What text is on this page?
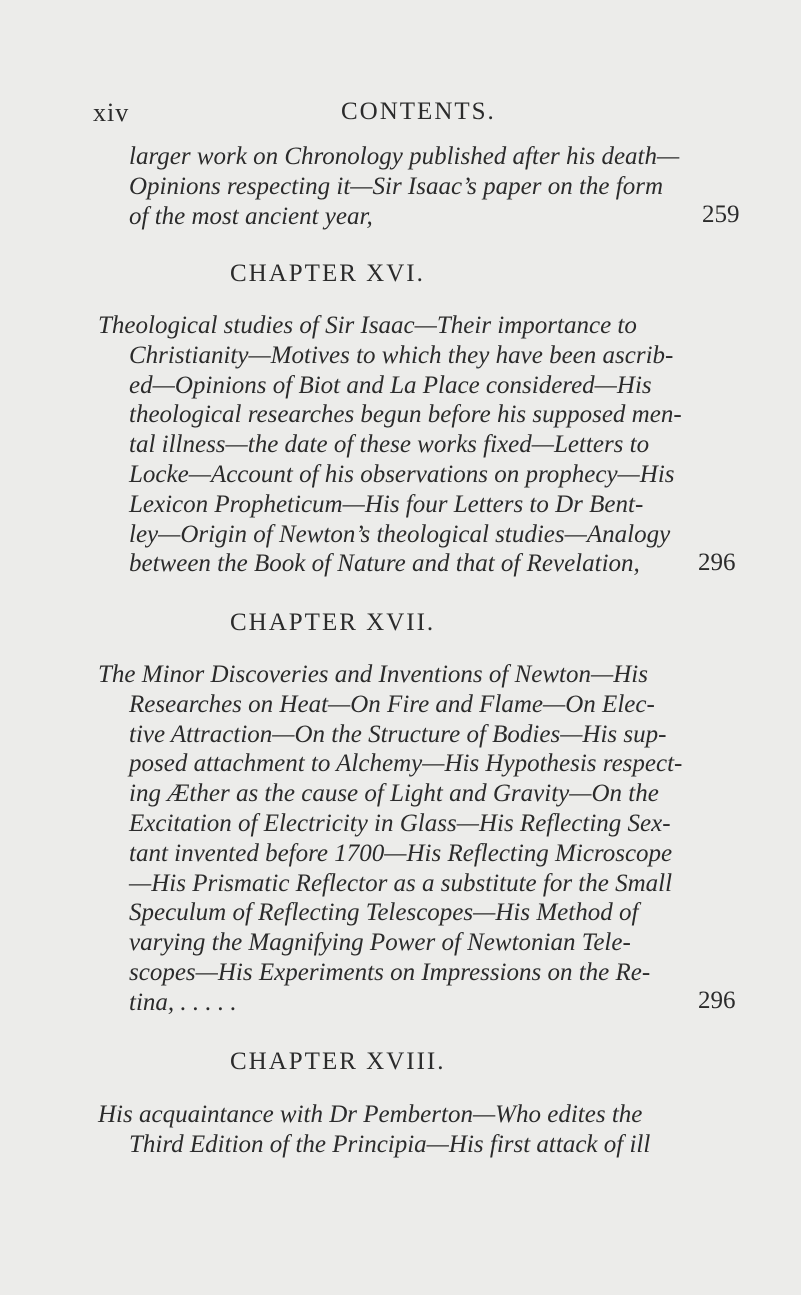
xiv	CONTENTS.
larger work on Chronology published after his death—
Opinions respecting it—Sir Isaac’s paper on the form
of the most ancient year,	259
CHAPTER XVI.
Theological studies of Sir Isaac—Their importance to
Christianity—Motives to which they have been ascrib-
ed—Opinions of Biot and La Place considered—His
theological researches begun before his supposed men-
tal illness—the date of these works fixed—Letters to
Locke—Account of his observations on prophecy—His
Lexicon Propheticum—His four Letters to Dr Bent-
ley—Origin of Newton’s theological studies—Analogy
between the Book of Nature and that of Revelation,	296
CHAPTER XVII.
The Minor Discoveries and Inventions of Newton—His
Researches on Heat—On Fire and Flame—On Elec-
tive Attraction—On the Structure of Bodies—His sup-
posed attachment to Alchemy—His Hypothesis respect-
ing Æther as the cause of Light and Gravity—On the
Excitation of Electricity in Glass—His Reflecting Sex-
tant invented before 1700—His Reflecting Microscope
—His Prismatic Reflector as a substitute for the Small
Speculum of Reflecting Telescopes—His Method of
varying the Magnifying Power of Newtonian Tele-
scopes—His Experiments on Impressions on the Re-
tina, . . . . .	296
CHAPTER XVIII.
His acquaintance with Dr Pemberton—Who edites the
Third Edition of the Principia—His first attack of ill
